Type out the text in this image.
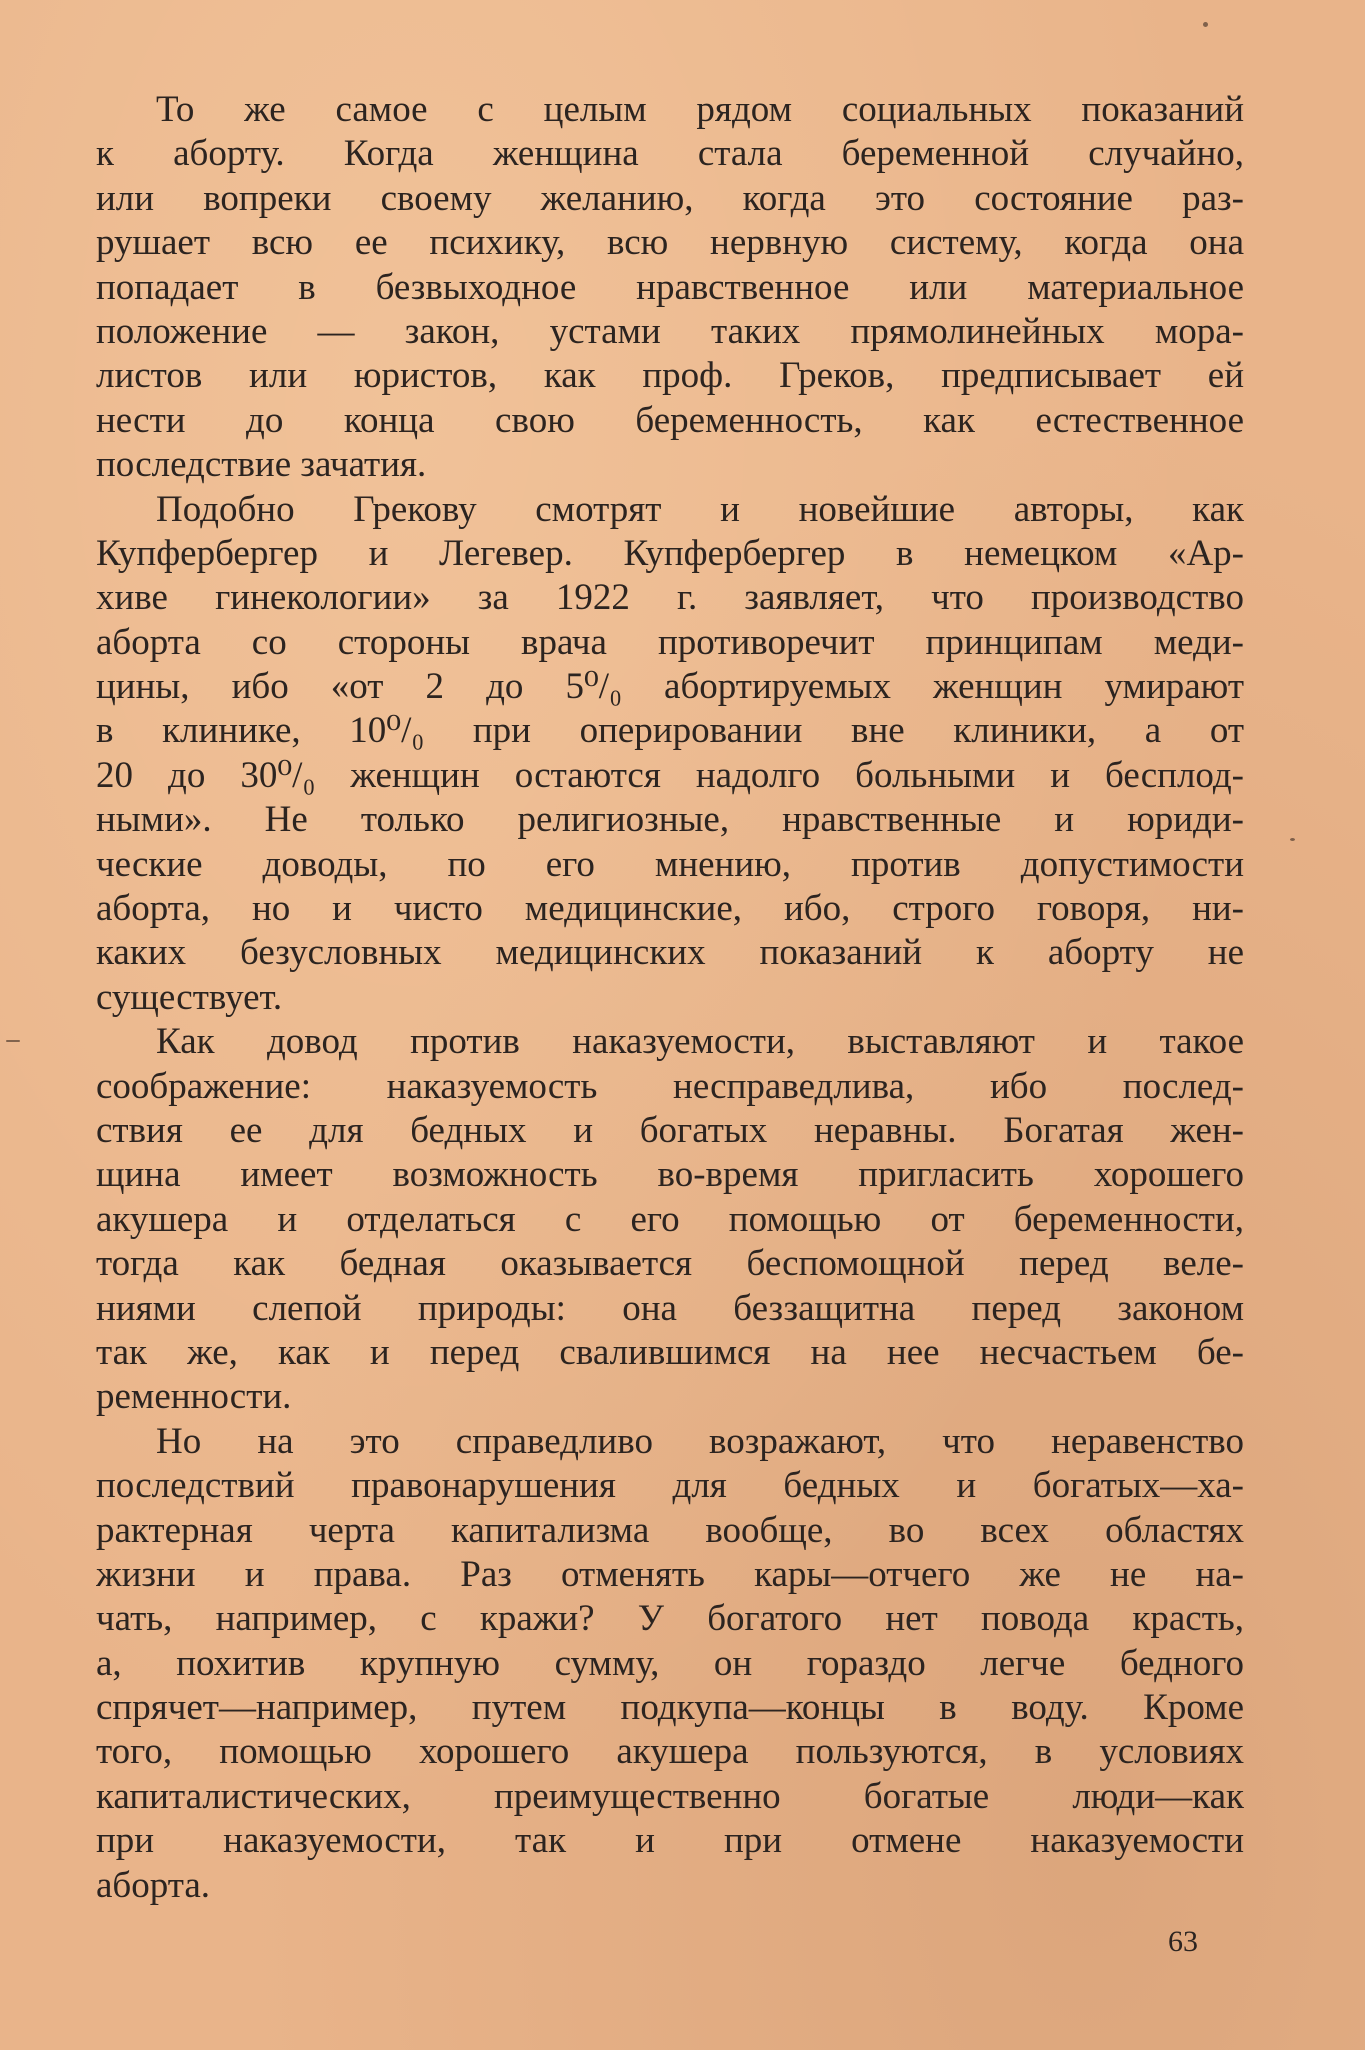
То же самое с целым рядом социальных показаний
к аборту. Когда женщина стала беременной случайно,
или вопреки своему желанию, когда это состояние раз-
рушает всю ее психику, всю нервную систему, когда она
попадает в безвыходное нравственное или материальное
положение — закон, устами таких прямолинейных мора-
листов или юристов, как проф. Греков, предписывает ей
нести до конца свою беременность, как естественное
последствие зачатия.
Подобно Грекову смотрят и новейшие авторы, как
Купфербергер и Легевер. Купфербергер в немецком «Ар-
хиве гинекологии» за 1922 г. заявляет, что производство
аборта со стороны врача противоречит принципам меди-
цины, ибо «от 2 до 5⁰/₀ абортируемых женщин умирают
в клинике, 10⁰/₀ при оперировании вне клиники, а от
20 до 30⁰/₀ женщин остаются надолго больными и бесплод-
ными». Не только религиозные, нравственные и юриди-
ческие доводы, по его мнению, против допустимости
аборта, но и чисто медицинские, ибо, строго говоря, ни-
каких безусловных медицинских показаний к аборту не
существует.
Как довод против наказуемости, выставляют и такое
соображение: наказуемость несправедлива, ибо послед-
ствия ее для бедных и богатых неравны. Богатая жен-
щина имеет возможность во-время пригласить хорошего
акушера и отделаться с его помощью от беременности,
тогда как бедная оказывается беспомощной перед веле-
ниями слепой природы: она беззащитна перед законом
так же, как и перед свалившимся на нее несчастьем бе-
ременности.
Но на это справедливо возражают, что неравенство
последствий правонарушения для бедных и богатых—ха-
рактерная черта капитализма вообще, во всех областях
жизни и права. Раз отменять кары—отчего же не на-
чать, например, с кражи? У богатого нет повода красть,
а, похитив крупную сумму, он гораздо легче бедного
спрячет—например, путем подкупа—концы в воду. Кроме
того, помощью хорошего акушера пользуются, в условиях
капиталистических, преимущественно богатые люди—как
при наказуемости, так и при отмене наказуемости
аборта.
63
